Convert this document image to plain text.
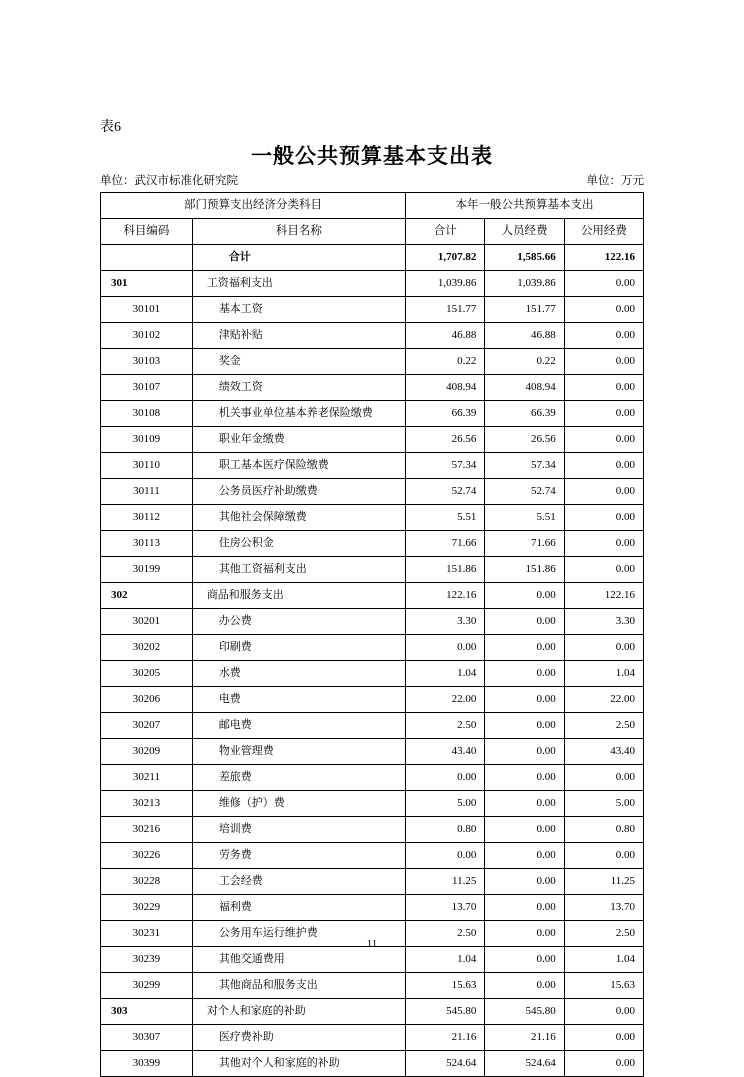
表6
一般公共预算基本支出表
单位：武汉市标准化研究院	单位：万元
部门预算支出经济分类科目		本年一般公共预算基本支出		
科目编码	科目名称	合计	人员经费	公用经费
	合计	1,707.82	1,585.66	122.16
301	工资福利支出	1,039.86	1,039.86	0.00
30101	基本工资	151.77	151.77	0.00
30102	津贴补贴	46.88	46.88	0.00
30103	奖金	0.22	0.22	0.00
30107	绩效工资	408.94	408.94	0.00
30108	机关事业单位基本养老保险缴费	66.39	66.39	0.00
30109	职业年金缴费	26.56	26.56	0.00
30110	职工基本医疗保险缴费	57.34	57.34	0.00
30111	公务员医疗补助缴费	52.74	52.74	0.00
30112	其他社会保障缴费	5.51	5.51	0.00
30113	住房公积金	71.66	71.66	0.00
30199	其他工资福利支出	151.86	151.86	0.00
302	商品和服务支出	122.16	0.00	122.16
30201	办公费	3.30	0.00	3.30
30202	印刷费	0.00	0.00	0.00
30205	水费	1.04	0.00	1.04
30206	电费	22.00	0.00	22.00
30207	邮电费	2.50	0.00	2.50
30209	物业管理费	43.40	0.00	43.40
30211	差旅费	0.00	0.00	0.00
30213	维修（护）费	5.00	0.00	5.00
30216	培训费	0.80	0.00	0.80
30226	劳务费	0.00	0.00	0.00
30228	工会经费	11.25	0.00	11.25
30229	福利费	13.70	0.00	13.70
30231	公务用车运行维护费	2.50	0.00	2.50
30239	其他交通费用	1.04	0.00	1.04
30299	其他商品和服务支出	15.63	0.00	15.63
303	对个人和家庭的补助	545.80	545.80	0.00
30307	医疗费补助	21.16	21.16	0.00
30399	其他对个人和家庭的补助	524.64	524.64	0.00
11
